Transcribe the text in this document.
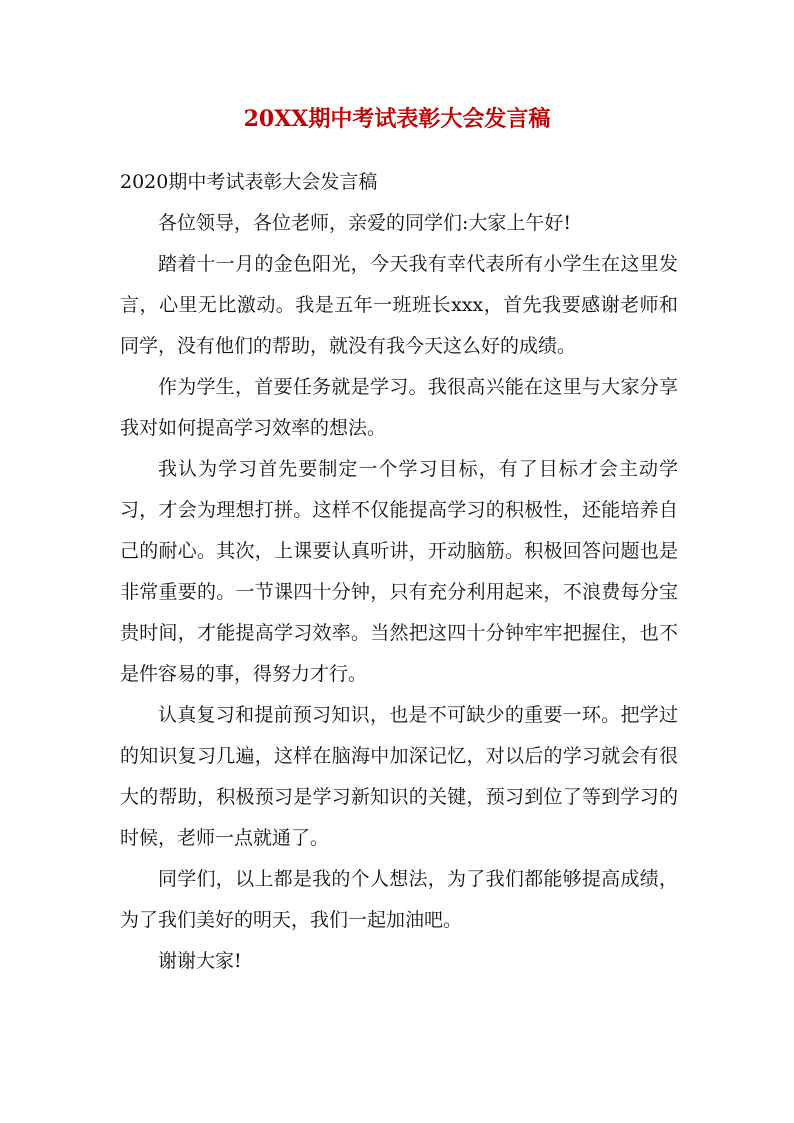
20XX期中考试表彰大会发言稿

2020期中考试表彰大会发言稿

各位领导，各位老师，亲爱的同学们:大家上午好!

踏着十一月的金色阳光，今天我有幸代表所有小学生在这里发言，心里无比激动。我是五年一班班长xxx，首先我要感谢老师和同学，没有他们的帮助，就没有我今天这么好的成绩。

作为学生，首要任务就是学习。我很高兴能在这里与大家分享我对如何提高学习效率的想法。

我认为学习首先要制定一个学习目标，有了目标才会主动学习，才会为理想打拼。这样不仅能提高学习的积极性，还能培养自己的耐心。其次，上课要认真听讲，开动脑筋。积极回答问题也是非常重要的。一节课四十分钟，只有充分利用起来，不浪费每分宝贵时间，才能提高学习效率。当然把这四十分钟牢牢把握住，也不是件容易的事，得努力才行。

认真复习和提前预习知识，也是不可缺少的重要一环。把学过的知识复习几遍，这样在脑海中加深记忆，对以后的学习就会有很大的帮助，积极预习是学习新知识的关键，预习到位了等到学习的时候，老师一点就通了。

同学们，以上都是我的个人想法，为了我们都能够提高成绩，为了我们美好的明天，我们一起加油吧。

谢谢大家!
